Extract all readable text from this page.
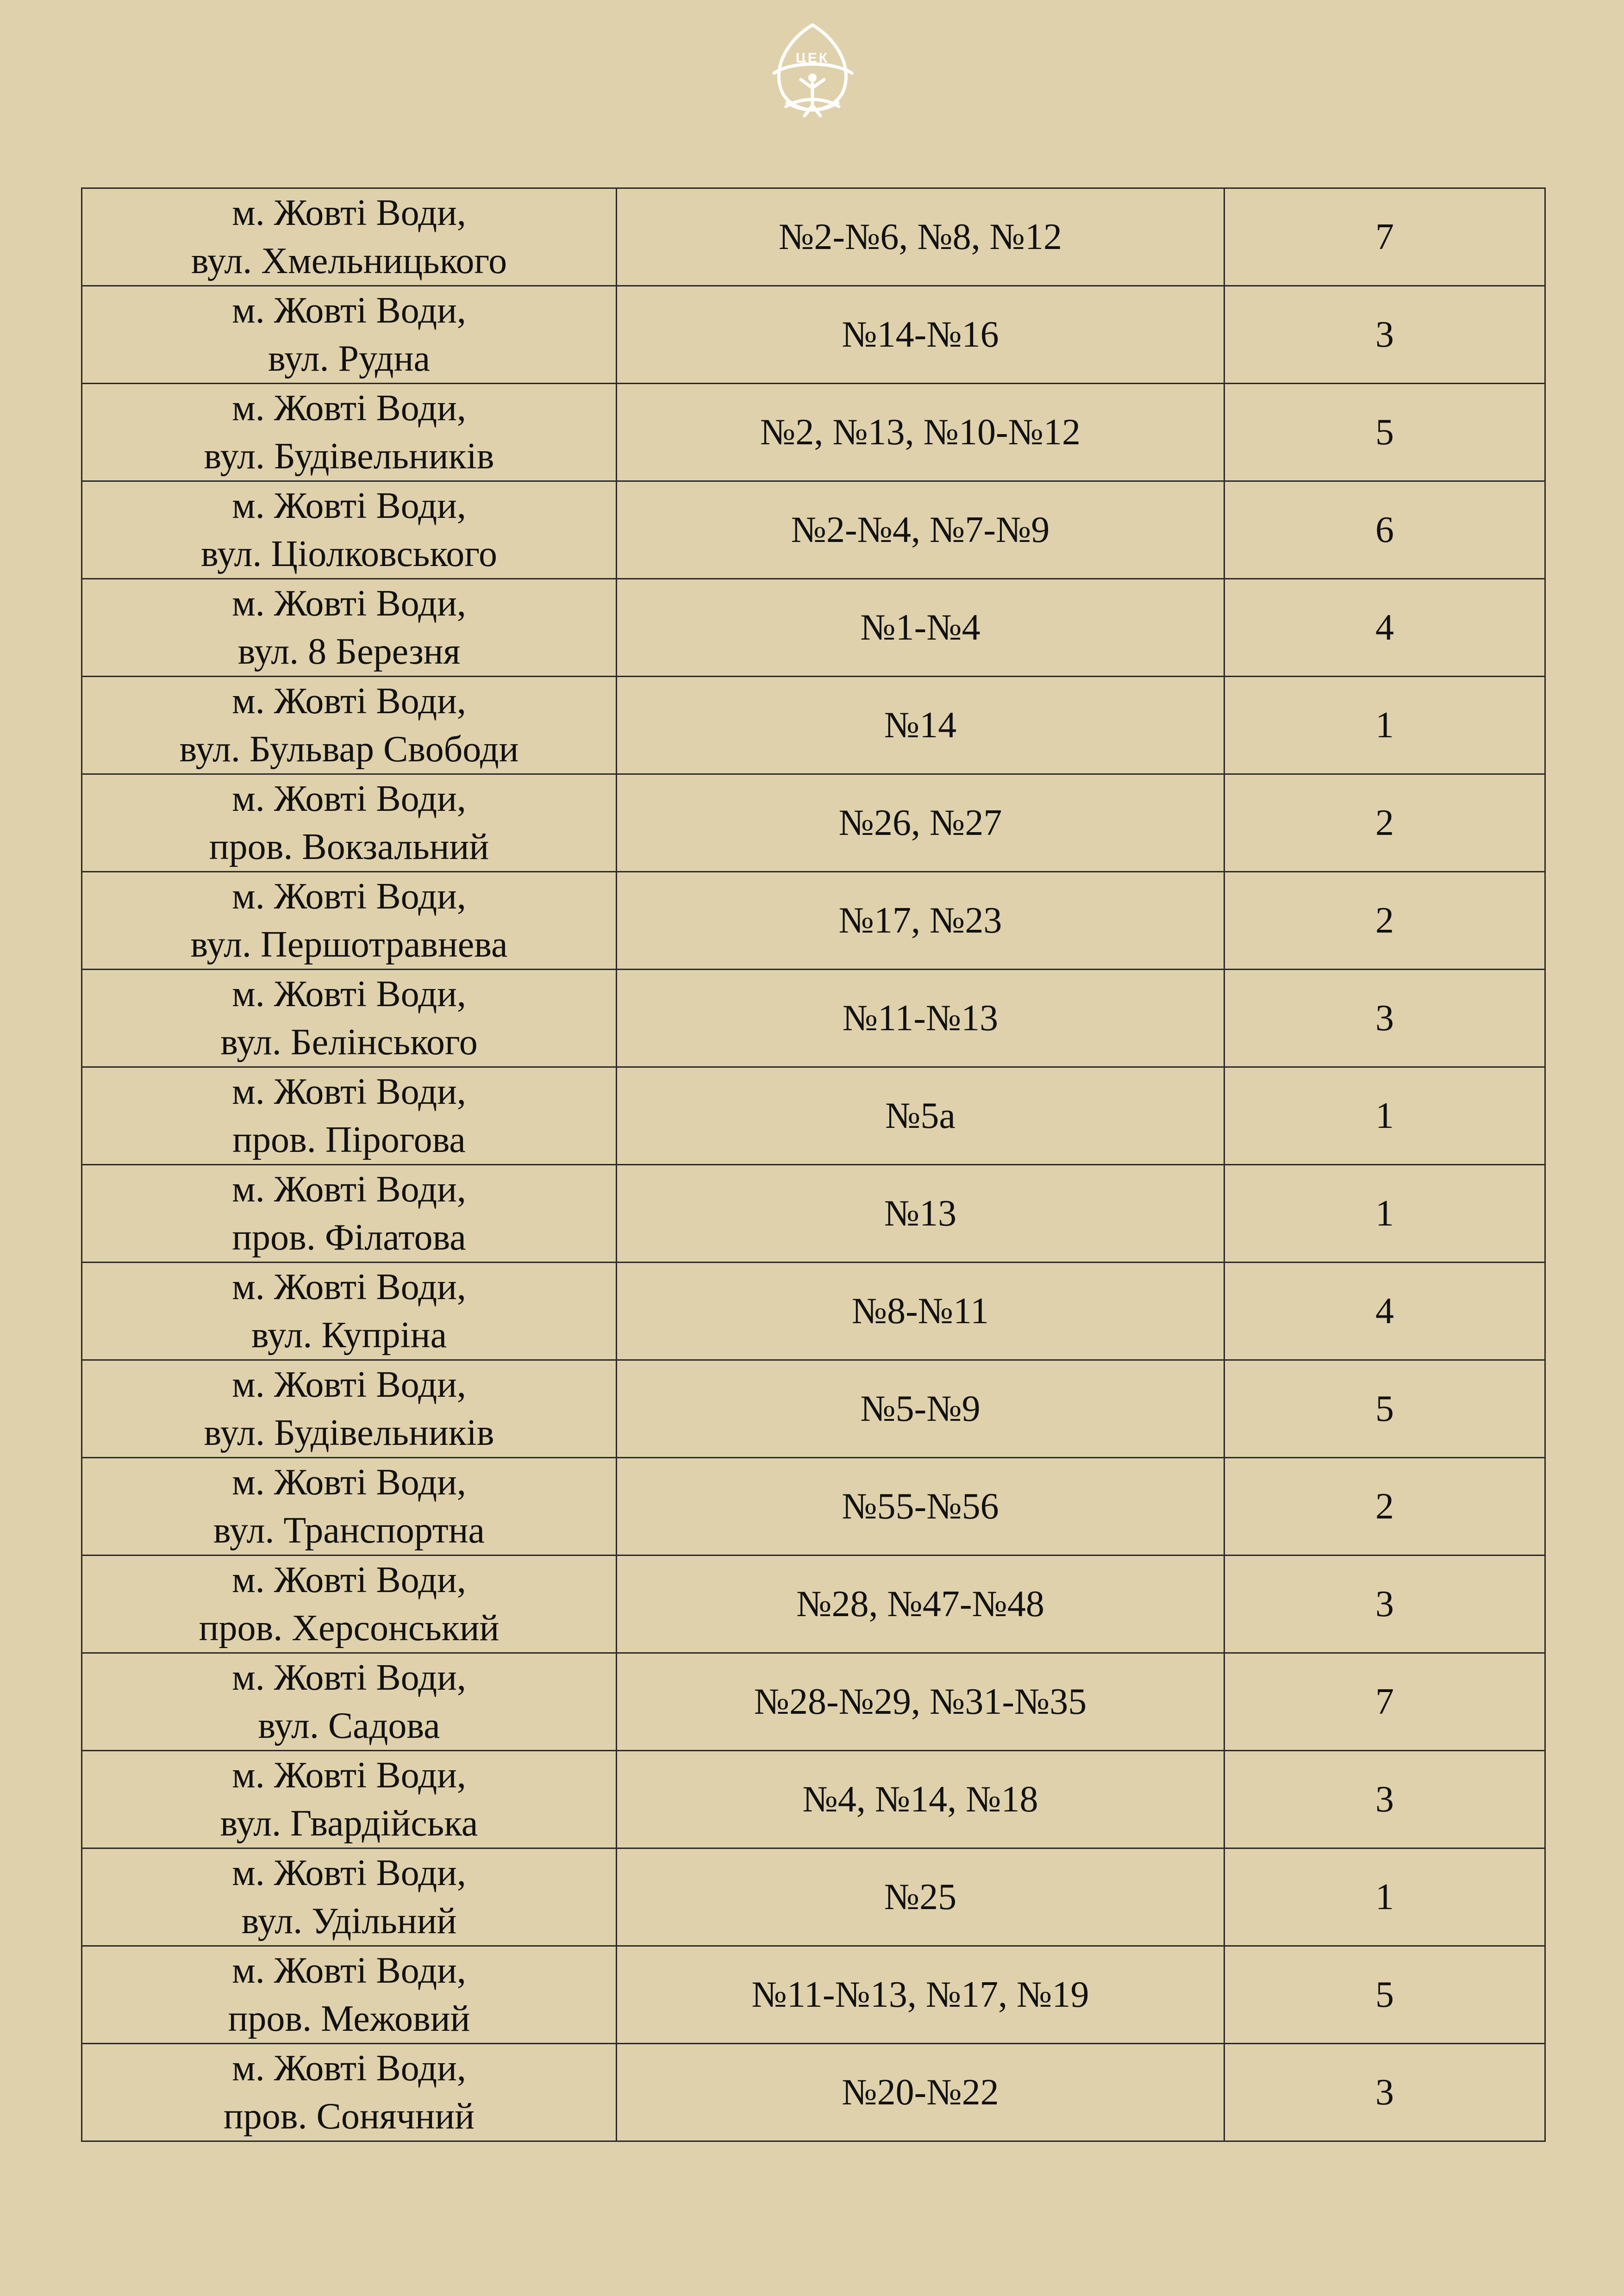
ЦЕК
м. Жовті Води,
вул. Хмельницького	№2-№6, №8, №12	7

м. Жовті Води,
вул. Рудна	№14-№16	3

м. Жовті Води,
вул. Будівельників	№2, №13, №10-№12	5

м. Жовті Води,
вул. Ціолковського	№2-№4, №7-№9	6

м. Жовті Води,
вул. 8 Березня	№1-№4	4

м. Жовті Води,
вул. Бульвар Свободи	№14	1

м. Жовті Води,
пров. Вокзальний	№26, №27	2

м. Жовті Води,
вул. Першотравнева	№17, №23	2

м. Жовті Води,
вул. Белінського	№11-№13	3

м. Жовті Води,
пров. Пірогова	№5а	1

м. Жовті Води,
пров. Філатова	№13	1

м. Жовті Води,
вул. Купріна	№8-№11	4

м. Жовті Води,
вул. Будівельників	№5-№9	5

м. Жовті Води,
вул. Транспортна	№55-№56	2

м. Жовті Води,
пров. Херсонський	№28, №47-№48	3

м. Жовті Води,
вул. Садова	№28-№29, №31-№35	7

м. Жовті Води,
вул. Гвардійська	№4, №14, №18	3

м. Жовті Води,
вул. Удільний	№25	1

м. Жовті Води,
пров. Межовий	№11-№13, №17, №19	5

м. Жовті Води,
пров. Сонячний	№20-№22	3
